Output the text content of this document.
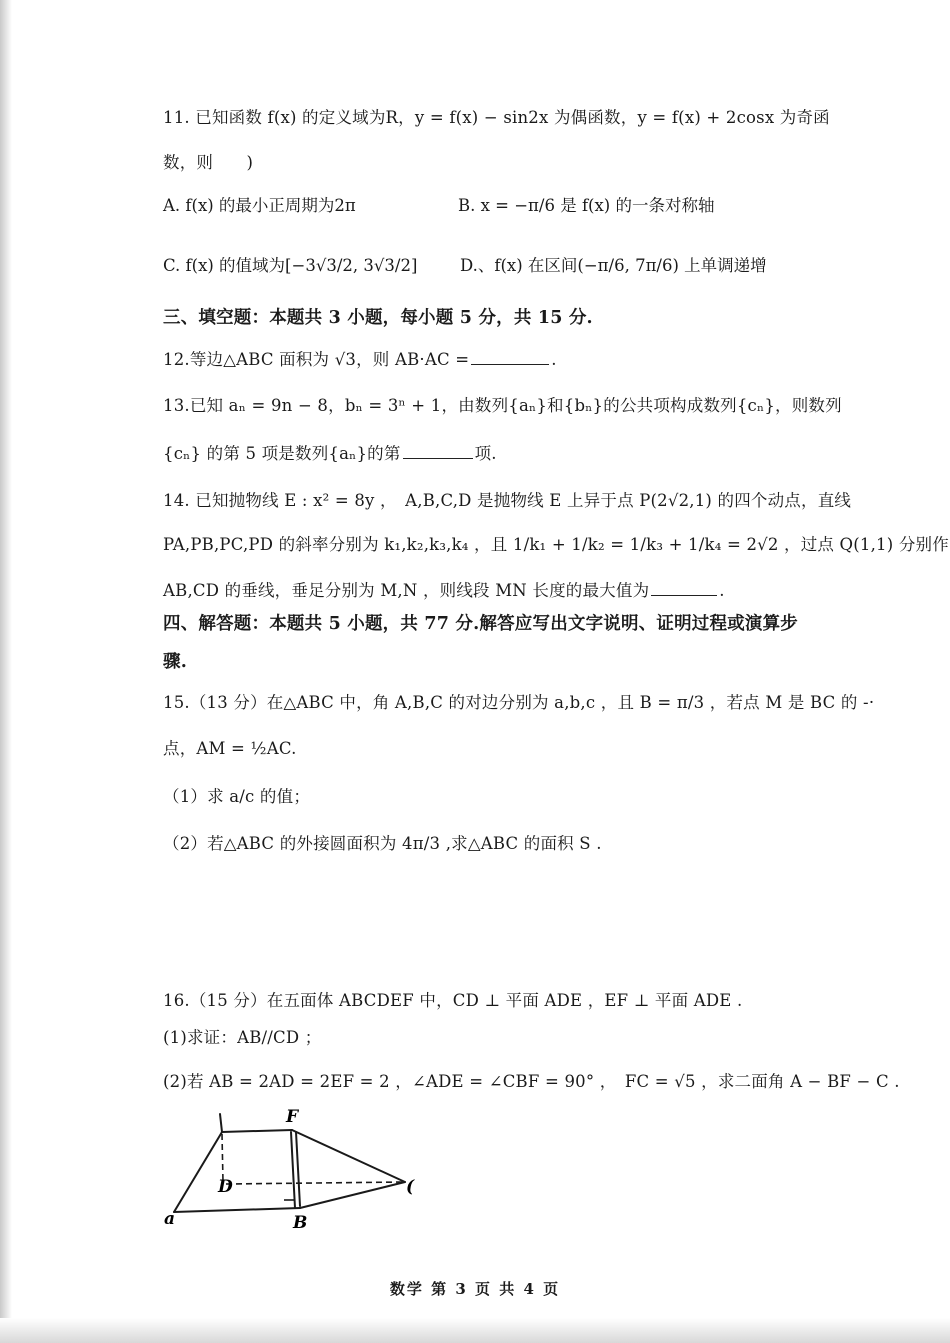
11. 已知函数 f(x) 的定义域为R，y = f(x) − sin2x 为偶函数，y = f(x) + 2cosx 为奇函
数，则　　)
A. f(x) 的最小正周期为2π	B. x = −π/6 是 f(x) 的一条对称轴
C. f(x) 的值域为[−3√3/2, 3√3/2]	D.、f(x) 在区间(−π/6, 7π/6) 上单调递增
三、填空题：本题共 3 小题，每小题 5 分，共 15 分.
12.等边△ABC 面积为 √3，则 AB·AC =	.
13.已知 aₙ = 9n − 8，bₙ = 3ⁿ + 1，由数列{aₙ}和{bₙ}的公共项构成数列{cₙ}，则数列
{cₙ} 的第 5 项是数列{aₙ}的第	项.
14. 已知抛物线 E : x² = 8y ，　A,B,C,D 是抛物线 E 上异于点 P(2√2,1) 的四个动点，直线
PA,PB,PC,PD 的斜率分别为 k₁,k₂,k₃,k₄ ，且 1/k₁ + 1/k₂ = 1/k₃ + 1/k₄ = 2√2 ，过点 Q(1,1) 分别作
AB,CD 的垂线，垂足分别为 M,N ，则线段 MN 长度的最大值为	.
四、解答题：本题共 5 小题，共 77 分.解答应写出文字说明、证明过程或演算步
骤.
15.（13 分）在△ABC 中，角 A,B,C 的对边分别为 a,b,c ，且 B = π/3 ，若点 M 是 BC 的 -·
点，AM = ½AC.
（1）求 a/c 的值；
（2）若△ABC 的外接圆面积为 4π/3 ,求△ABC 的面积 S .
16.（15 分）在五面体 ABCDEF 中，CD ⊥ 平面 ADE ，EF ⊥ 平面 ADE .
(1)求证：AB//CD ；
(2)若 AB = 2AD = 2EF = 2 ，∠ADE = ∠CBF = 90° ，　FC = √5 ，求二面角 A − BF − C .
F
D	(
a	B
数学 第 3 页 共 4 页
